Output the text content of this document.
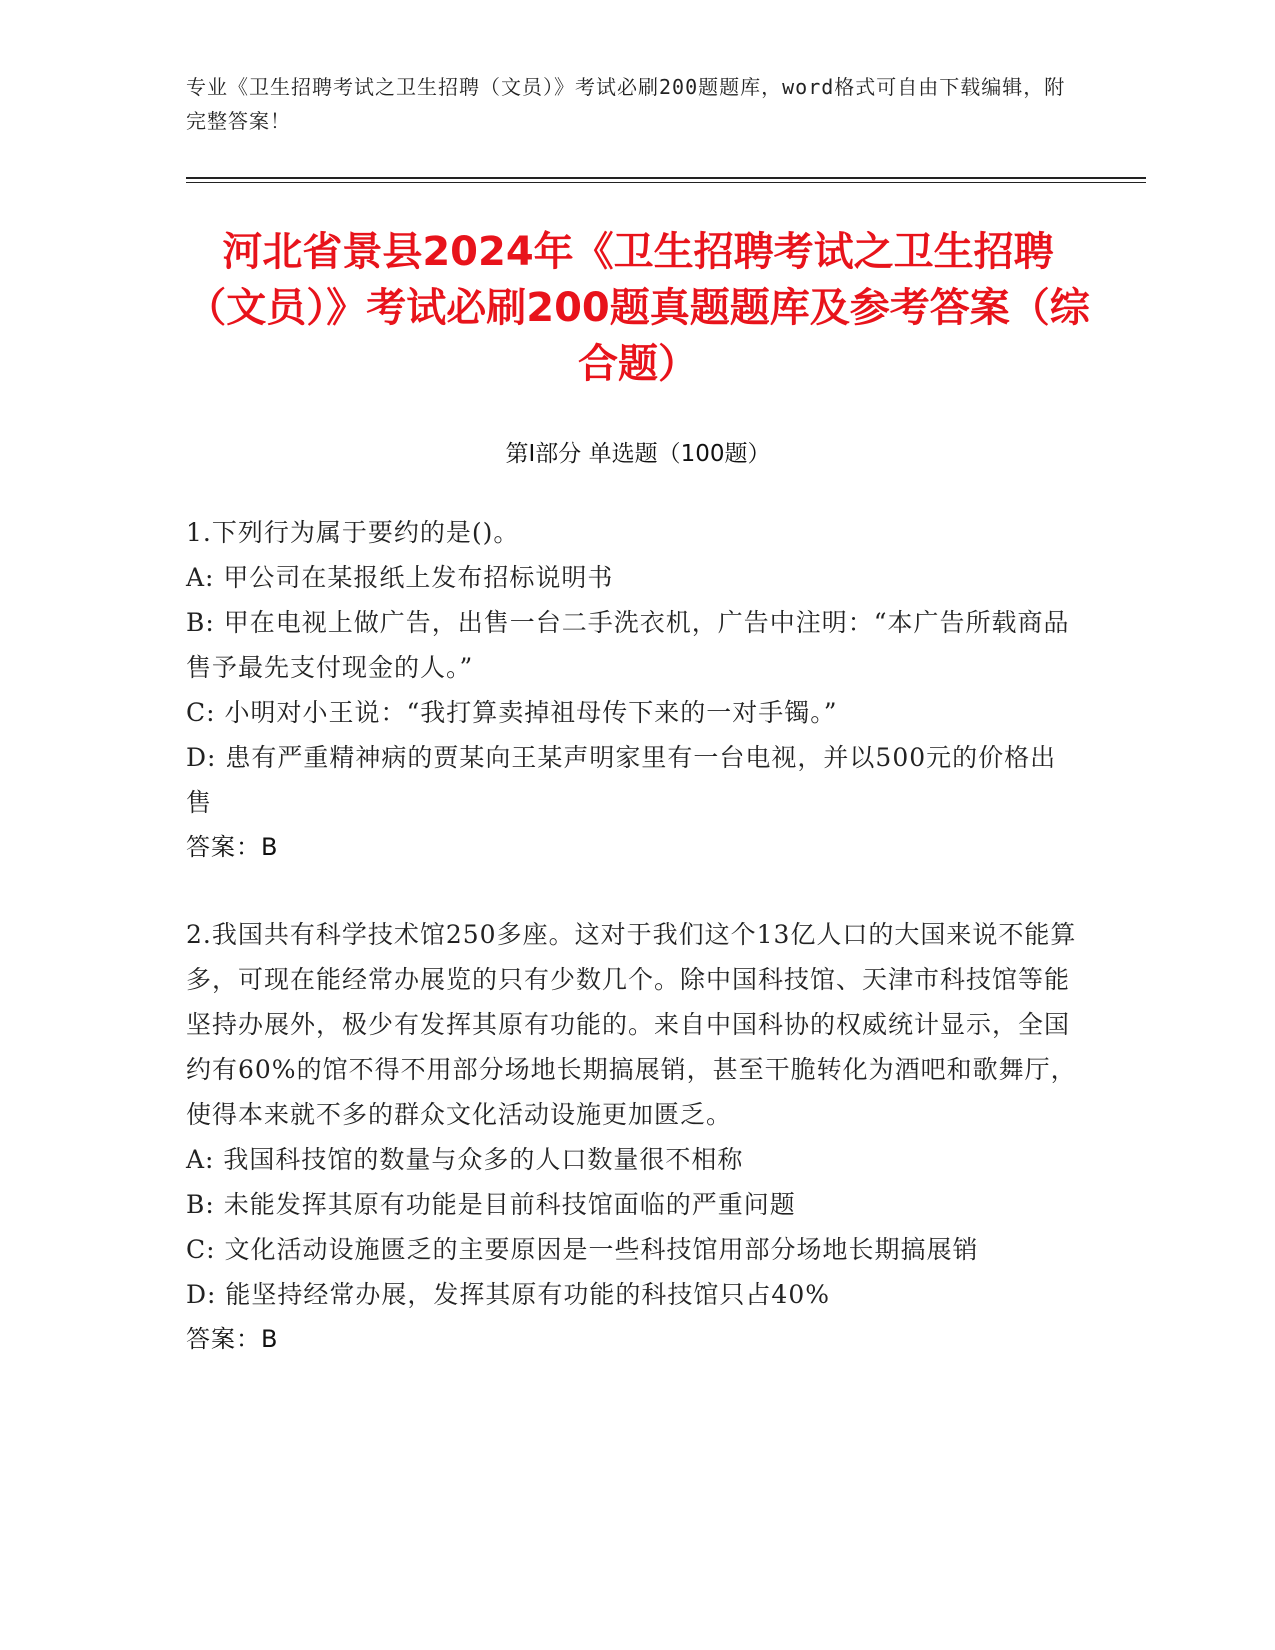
专业《卫生招聘考试之卫生招聘（文员）》考试必刷200题题库，word格式可自由下载编辑，附完整答案！
河北省景县2024年《卫生招聘考试之卫生招聘（文员）》考试必刷200题真题题库及参考答案（综合题）
第I部分 单选题（100题）

1.下列行为属于要约的是()。

A: 甲公司在某报纸上发布招标说明书

B: 甲在电视上做广告，出售一台二手洗衣机，广告中注明：“本广告所载商品售予最先支付现金的人。”

C: 小明对小王说：“我打算卖掉祖母传下来的一对手镯。”

D: 患有严重精神病的贾某向王某声明家里有一台电视，并以500元的价格出售

答案：B

2.我国共有科学技术馆250多座。这对于我们这个13亿人口的大国来说不能算多，可现在能经常办展览的只有少数几个。除中国科技馆、天津市科技馆等能坚持办展外，极少有发挥其原有功能的。来自中国科协的权威统计显示，全国约有60%的馆不得不用部分场地长期搞展销，甚至干脆转化为酒吧和歌舞厅，使得本来就不多的群众文化活动设施更加匮乏。

A: 我国科技馆的数量与众多的人口数量很不相称

B: 未能发挥其原有功能是目前科技馆面临的严重问题

C: 文化活动设施匮乏的主要原因是一些科技馆用部分场地长期搞展销

D: 能坚持经常办展，发挥其原有功能的科技馆只占40%

答案：B
